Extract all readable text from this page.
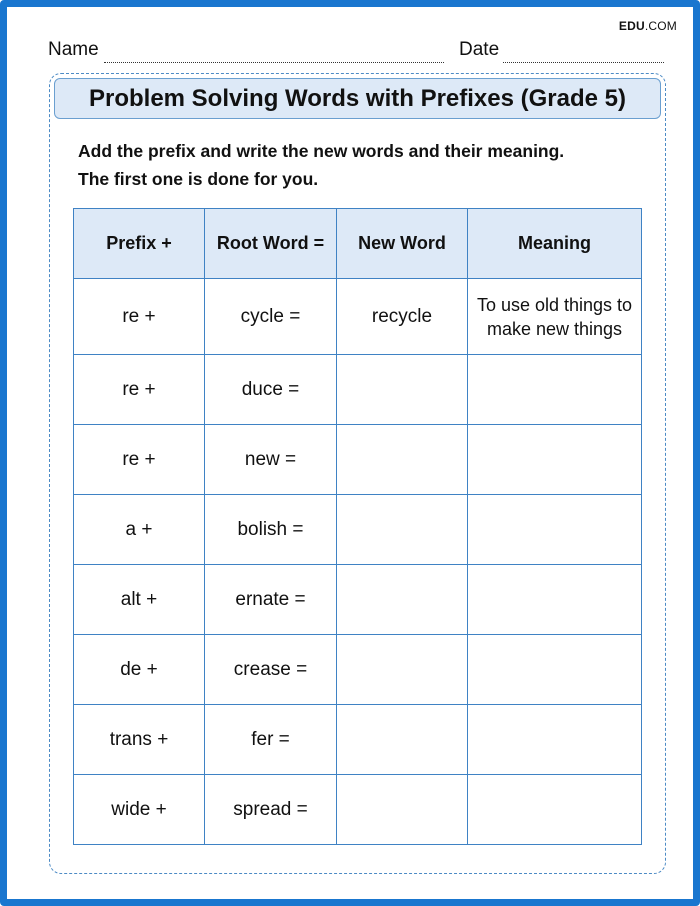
EDU.COM
Name	Date
Problem Solving Words with Prefixes (Grade 5)
Add the prefix and write the new words and their meaning.
The first one is done for you.
Prefix +	Root Word =	New Word	Meaning
re +	cycle =	recycle	To use old things to make new things
re +	duce =		
re +	new =		
a +	bolish =		
alt +	ernate =		
de +	crease =		
trans +	fer =		
wide +	spread =		
